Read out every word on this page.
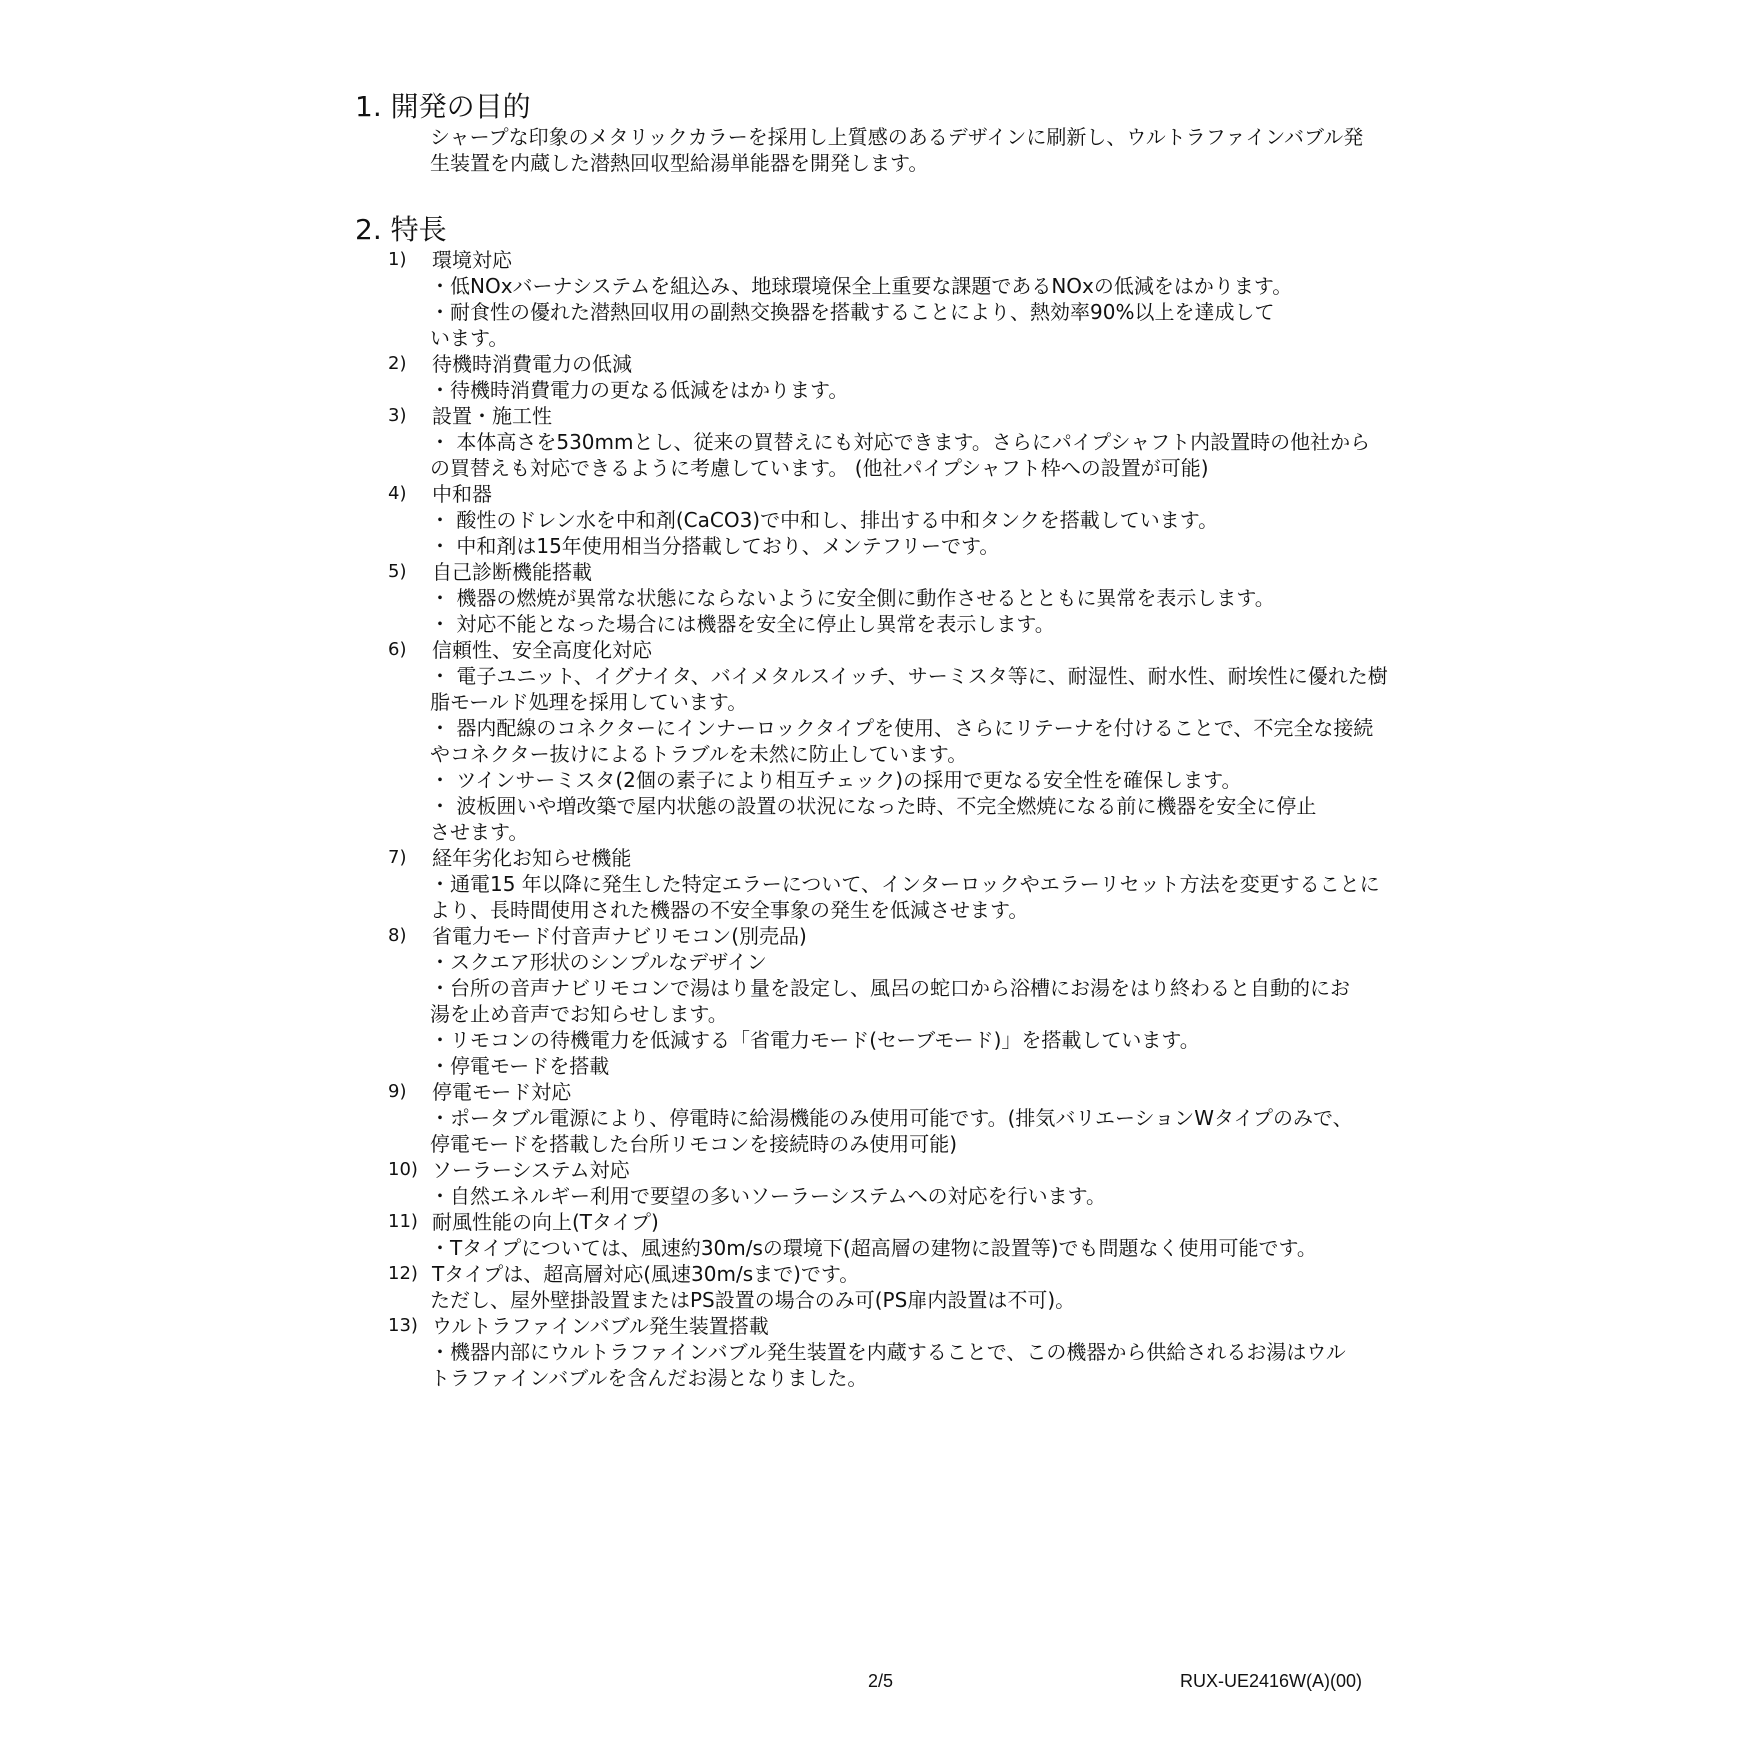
1. 開発の目的
シャープな印象のメタリックカラーを採用し上質感のあるデザインに刷新し、ウルトラファインバブル発
生装置を内蔵した潜熱回収型給湯単能器を開発します。
2. 特長
1) 環境対応
・低NOxバーナシステムを組込み、地球環境保全上重要な課題であるNOxの低減をはかります。
・耐食性の優れた潜熱回収用の副熱交換器を搭載することにより、熱効率90%以上を達成して
います。
2) 待機時消費電力の低減
・待機時消費電力の更なる低減をはかります。
3) 設置・施工性
・ 本体高さを530mmとし、従来の買替えにも対応できます。さらにパイプシャフト内設置時の他社から
の買替えも対応できるように考慮しています。 (他社パイプシャフト枠への設置が可能)
4) 中和器
・ 酸性のドレン水を中和剤(CaCO3)で中和し、排出する中和タンクを搭載しています。
・ 中和剤は15年使用相当分搭載しており、メンテフリーです。
5) 自己診断機能搭載
・ 機器の燃焼が異常な状態にならないように安全側に動作させるとともに異常を表示します。
・ 対応不能となった場合には機器を安全に停止し異常を表示します。
6) 信頼性、安全高度化対応
・ 電子ユニット、イグナイタ、バイメタルスイッチ、サーミスタ等に、耐湿性、耐水性、耐埃性に優れた樹
脂モールド処理を採用しています。
・ 器内配線のコネクターにインナーロックタイプを使用、さらにリテーナを付けることで、不完全な接続
やコネクター抜けによるトラブルを未然に防止しています。
・ ツインサーミスタ(2個の素子により相互チェック)の採用で更なる安全性を確保します。
・ 波板囲いや増改築で屋内状態の設置の状況になった時、不完全燃焼になる前に機器を安全に停止
させます。
7) 経年劣化お知らせ機能
・通電15 年以降に発生した特定エラーについて、インターロックやエラーリセット方法を変更することに
より、長時間使用された機器の不安全事象の発生を低減させます。
8) 省電力モード付音声ナビリモコン(別売品)
・スクエア形状のシンプルなデザイン
・台所の音声ナビリモコンで湯はり量を設定し、風呂の蛇口から浴槽にお湯をはり終わると自動的にお
湯を止め音声でお知らせします。
・リモコンの待機電力を低減する「省電力モード(セーブモード)」を搭載しています。
・停電モードを搭載
9) 停電モード対応
・ポータブル電源により、停電時に給湯機能のみ使用可能です。(排気バリエーションWタイプのみで、
停電モードを搭載した台所リモコンを接続時のみ使用可能)
10) ソーラーシステム対応
・自然エネルギー利用で要望の多いソーラーシステムへの対応を行います。
11) 耐風性能の向上(Tタイプ)
・Tタイプについては、風速約30m/sの環境下(超高層の建物に設置等)でも問題なく使用可能です。
12) Tタイプは、超高層対応(風速30m/sまで)です。
ただし、屋外壁掛設置またはPS設置の場合のみ可(PS扉内設置は不可)。
13) ウルトラファインバブル発生装置搭載
・機器内部にウルトラファインバブル発生装置を内蔵することで、この機器から供給されるお湯はウル
トラファインバブルを含んだお湯となりました。
2/5	RUX-UE2416W(A)(00)
